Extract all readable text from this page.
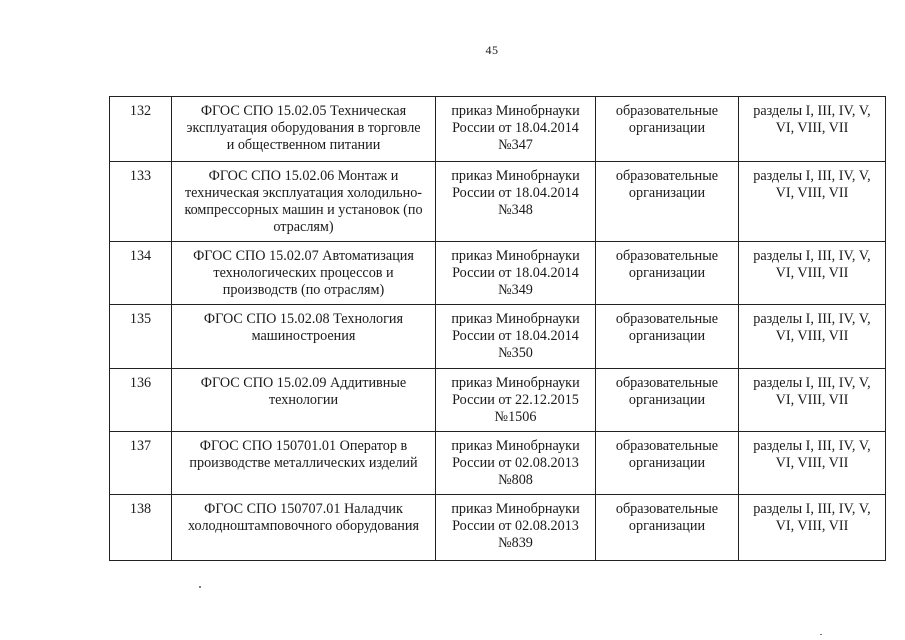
45
132	ФГОС СПО 15.02.05 Техническая
эксплуатация оборудования в торговле
и общественном питании	приказ Минобрнауки
России от 18.04.2014
№347	образовательные
организации	разделы I, III, IV, V,
VI, VIII, VII

133	ФГОС СПО 15.02.06 Монтаж и
техническая эксплуатация холодильно-
компрессорных машин и установок (по
отраслям)	приказ Минобрнауки
России от 18.04.2014
№348	образовательные
организации	разделы I, III, IV, V,
VI, VIII, VII

134	ФГОС СПО 15.02.07 Автоматизация
технологических процессов и
производств (по отраслям)	приказ Минобрнауки
России от 18.04.2014
№349	образовательные
организации	разделы I, III, IV, V,
VI, VIII, VII

135	ФГОС СПО 15.02.08 Технология
машиностроения	приказ Минобрнауки
России от 18.04.2014
№350	образовательные
организации	разделы I, III, IV, V,
VI, VIII, VII

136	ФГОС СПО 15.02.09 Аддитивные
технологии	приказ Минобрнауки
России от 22.12.2015
№1506	образовательные
организации	разделы I, III, IV, V,
VI, VIII, VII

137	ФГОС СПО 150701.01 Оператор в
производстве металлических изделий	приказ Минобрнауки
России от 02.08.2013
№808	образовательные
организации	разделы I, III, IV, V,
VI, VIII, VII

138	ФГОС СПО 150707.01 Наладчик
холодноштамповочного оборудования	приказ Минобрнауки
России от 02.08.2013
№839	образовательные
организации	разделы I, III, IV, V,
VI, VIII, VII
